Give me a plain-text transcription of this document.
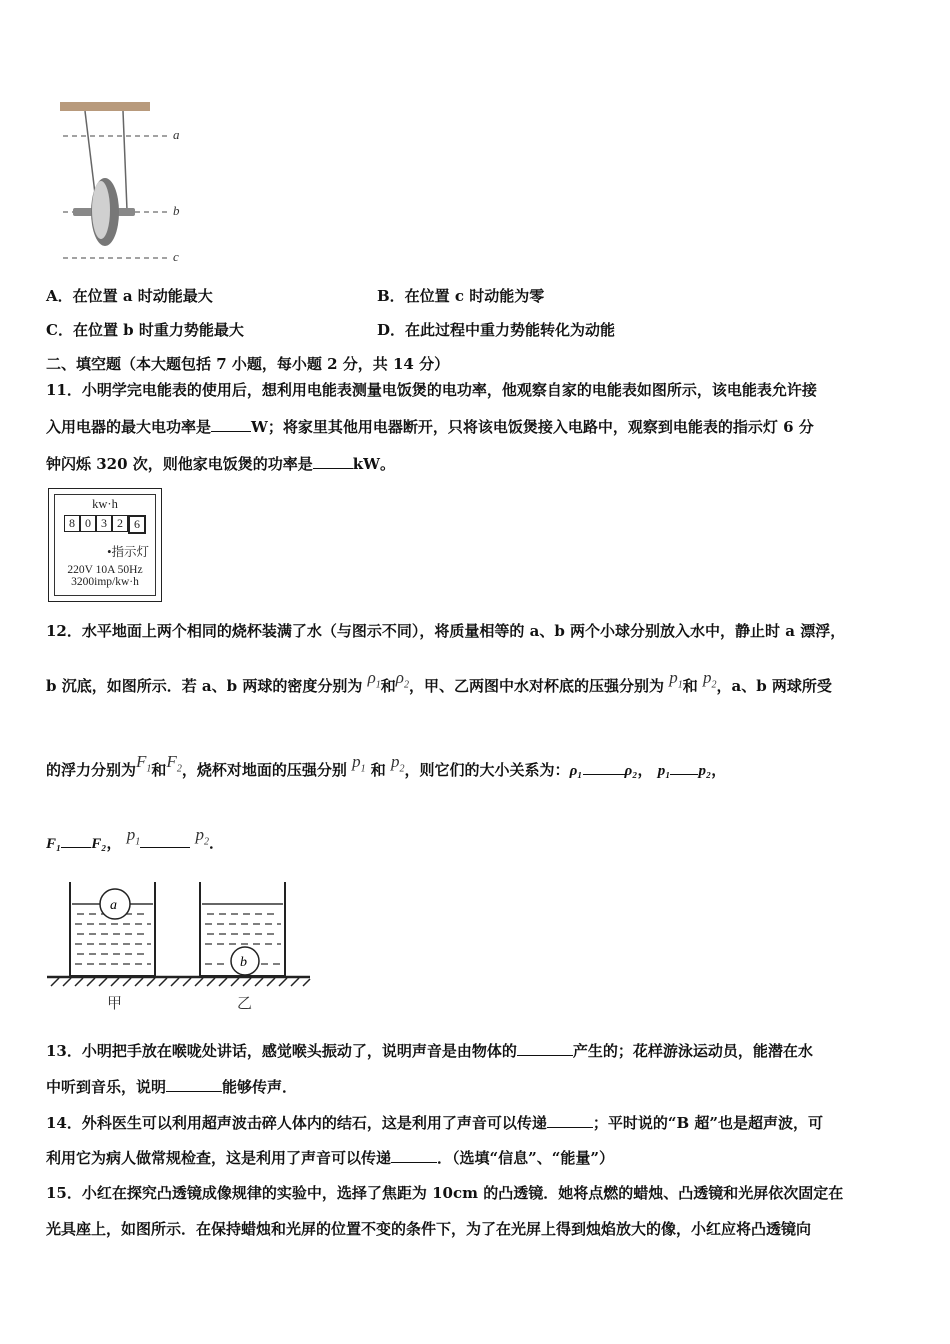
a
b
c
A．在位置 a 时动能最大	B．在位置 c 时动能为零
C．在位置 b 时重力势能最大	D．在此过程中重力势能转化为动能
二、填空题（本大题包括 7 小题，每小题 2 分，共 14 分）
11．小明学完电能表的使用后，想利用电能表测量电饭煲的电功率，他观察自家的电能表如图所示，该电能表允许接
入用电器的最大电功率是	W；将家里其他用电器断开，只将该电饭煲接入电路中，观察到电能表的指示灯 6 分
钟闪烁 320 次，则他家电饭煲的功率是	kW。
kw·h
8 0 3 2 6
•指示灯
220V 10A 50Hz
3200imp/kw·h
12．水平地面上两个相同的烧杯装满了水（与图示不同），将质量相等的 a、b 两个小球分别放入水中，静止时 a 漂浮，
b 沉底，如图所示．若 a、b 两球的密度分别为 $\rho_1$和$\rho_2$，甲、乙两图中水对杯底的压强分别为 $p_1$和 $p_2$，a、b 两球所受
的浮力分别为$F_1$和$F_2$，烧杯对地面的压强分别 $p_1$ 和 $p_2$，则它们的大小关系为：ρ₁	ρ₂， p₁ p₂，
F₁ F₂， $p_1$	$p_2$．
a
b
甲	乙
13．小明把手放在喉咙处讲话，感觉喉头振动了，说明声音是由物体的	产生的；花样游泳运动员，能潜在水
中听到音乐，说明	能够传声．
14．外科医生可以利用超声波击碎人体内的结石，这是利用了声音可以传递	；平时说的“B 超”也是超声波，可
利用它为病人做常规检查，这是利用了声音可以传递	．（选填“信息”、“能量”）
15．小红在探究凸透镜成像规律的实验中，选择了焦距为 10cm 的凸透镜．她将点燃的蜡烛、凸透镜和光屏依次固定在
光具座上，如图所示．在保持蜡烛和光屏的位置不变的条件下，为了在光屏上得到烛焰放大的像，小红应将凸透镜向
